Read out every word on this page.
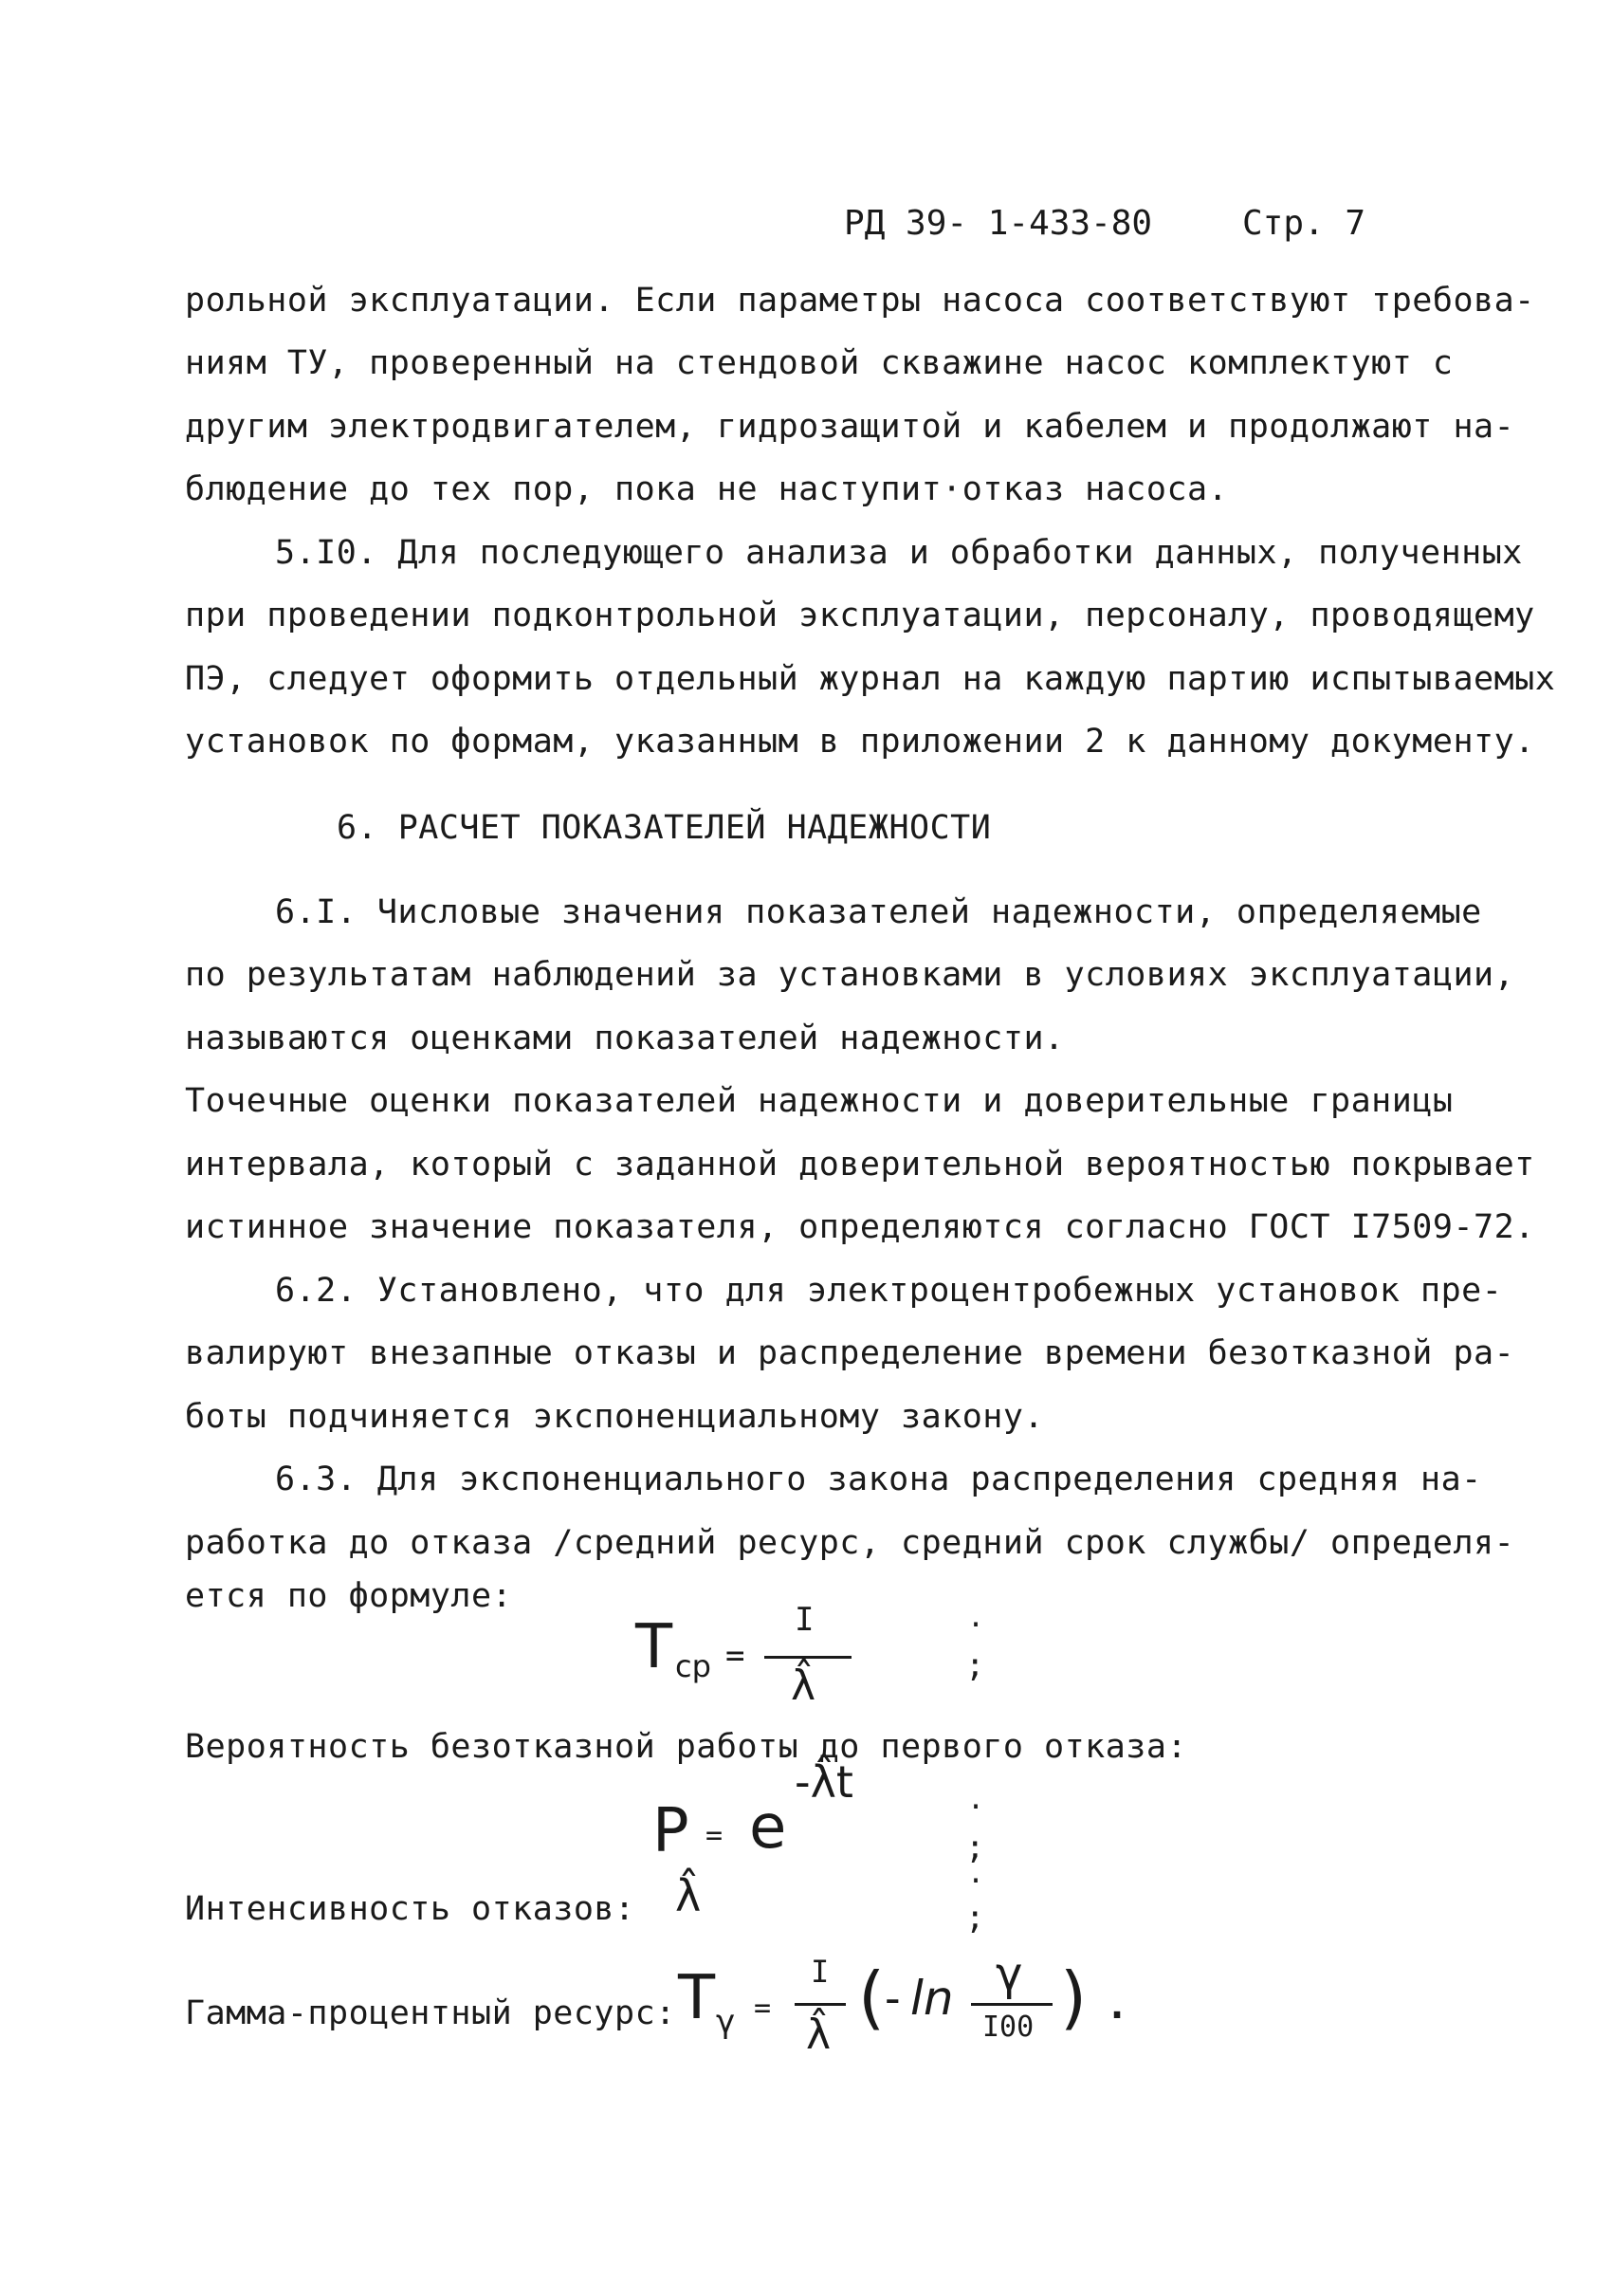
РД 39- 1-433-80	Стр. 7
рольной эксплуатации. Если параметры насоса соответствуют требова-
ниям ТУ, проверенный на стендовой скважине насос комплектуют с
другим электродвигателем, гидрозащитой и кабелем и продолжают на-
блюдение до тех пор, пока не наступит·отказ насоса.
5.I0. Для последующего анализа и обработки данных, полученных
при проведении подконтрольной эксплуатации, персоналу, проводящему
ПЭ, следует оформить отдельный журнал на каждую партию испытываемых
установок по формам, указанным в приложении 2 к данному документу.
6. РАСЧЕТ ПОКАЗАТЕЛЕЙ НАДЕЖНОСТИ
6.I. Числовые значения показателей надежности, определяемые
по результатам наблюдений за установками в условиях эксплуатации,
называются оценками показателей надежности.
Точечные оценки показателей надежности и доверительные границы
интервала, который с заданной доверительной вероятностью покрывает
истинное значение показателя, определяются согласно ГОСТ I7509-72.
6.2. Установлено, что для электроцентробежных установок пре-
валируют внезапные отказы и распределение времени безотказной ра-
боты подчиняется экспоненциальному закону.
6.3. Для экспоненциального закона распределения средняя на-
работка до отказа /средний ресурс, средний срок службы/ определя-
ется по формуле:
T ср =
I
λ̂
.
;
Вероятность безотказной работы до первого отказа:
P = e
-λ̂t	.
;
Интенсивность отказов: λ̂	.
;
Гамма-процентный ресурс: T γ =
I
λ̂ ( - ln γ
I00 ) .
